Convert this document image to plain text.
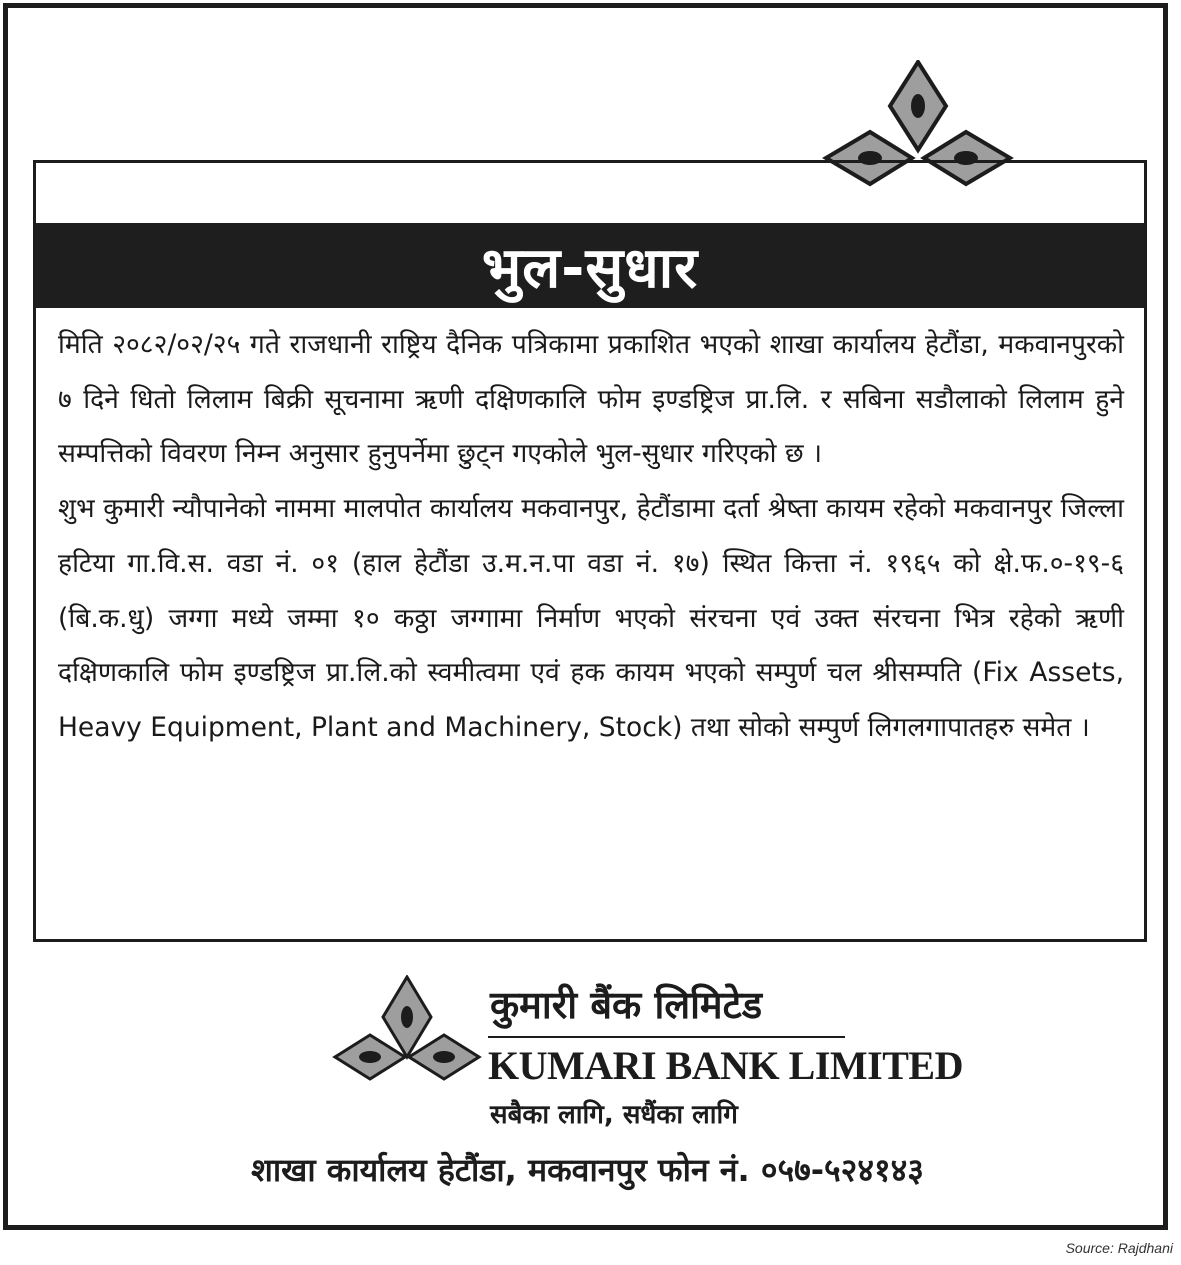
भुल-सुधार

मिति २०८२/०२/२५ गते राजधानी राष्ट्रिय दैनिक पत्रिकामा प्रकाशित भएको शाखा कार्यालय हेटौंडा, मकवानपुरको ७ दिने धितो लिलाम बिक्री सूचनामा ऋणी दक्षिणकालि फोम इण्डष्ट्रिज प्रा.लि. र सबिना सडौलाको लिलाम हुने सम्पत्तिको विवरण निम्न अनुसार हुनुपर्नेमा छुट्न गएकोले भुल-सुधार गरिएको छ ।

शुभ कुमारी न्यौपानेको नाममा मालपोत कार्यालय मकवानपुर, हेटौंडामा दर्ता श्रेष्ता कायम रहेको मकवानपुर जिल्ला हटिया गा.वि.स. वडा नं. ०१ (हाल हेटौंडा उ.म.न.पा वडा नं. १७) स्थित कित्ता नं. १९६५ को क्षे.फ.०-१९-६ (बि.क.धु) जग्गा मध्ये जम्मा १० कठ्ठा जग्गामा निर्माण भएको संरचना एवं उक्त संरचना भित्र रहेको ऋणी दक्षिणकालि फोम इण्डष्ट्रिज प्रा.लि.को स्वमीत्वमा एवं हक कायम भएको सम्पुर्ण चल श्रीसम्पति (Fix Assets, Heavy Equipment, Plant and Machinery, Stock) तथा सोको सम्पुर्ण लिगलगापातहरु समेत ।

कुमारी बैंक लिमिटेड
KUMARI BANK LIMITED
सबैका लागि, सधैंका लागि
शाखा कार्यालय हेटौंडा, मकवानपुर फोन नं. ०५७-५२४१४३
Source: Rajdhani
